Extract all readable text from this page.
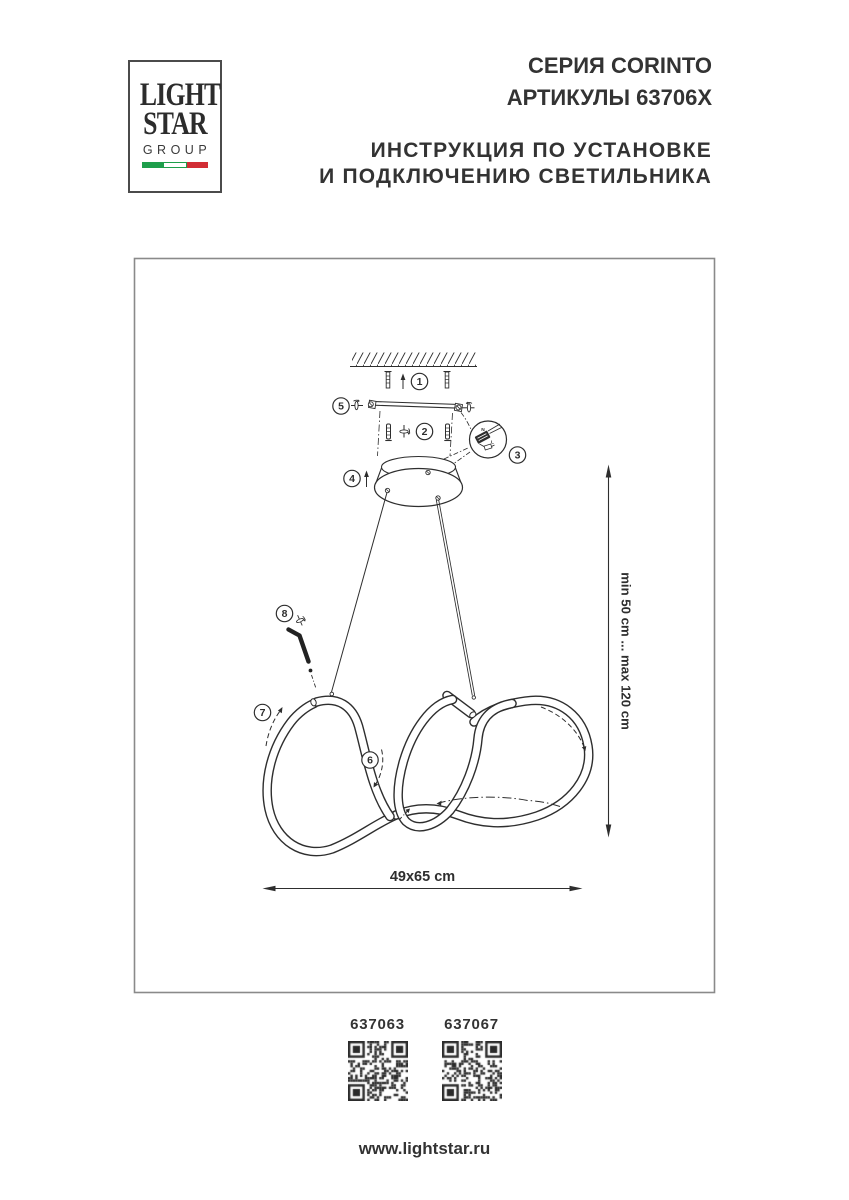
LIGHT
STAR
GROUP
СЕРИЯ CORINTO
АРТИКУЛЫ 63706X
ИНСТРУКЦИЯ ПО УСТАНОВКЕ
И ПОДКЛЮЧЕНИЮ СВЕТИЛЬНИКА
N
L
1
2
3
4
5
6
7
8	min 50 cm ... max 120 cm
49x65 cm
637063	637067
www.lightstar.ru
